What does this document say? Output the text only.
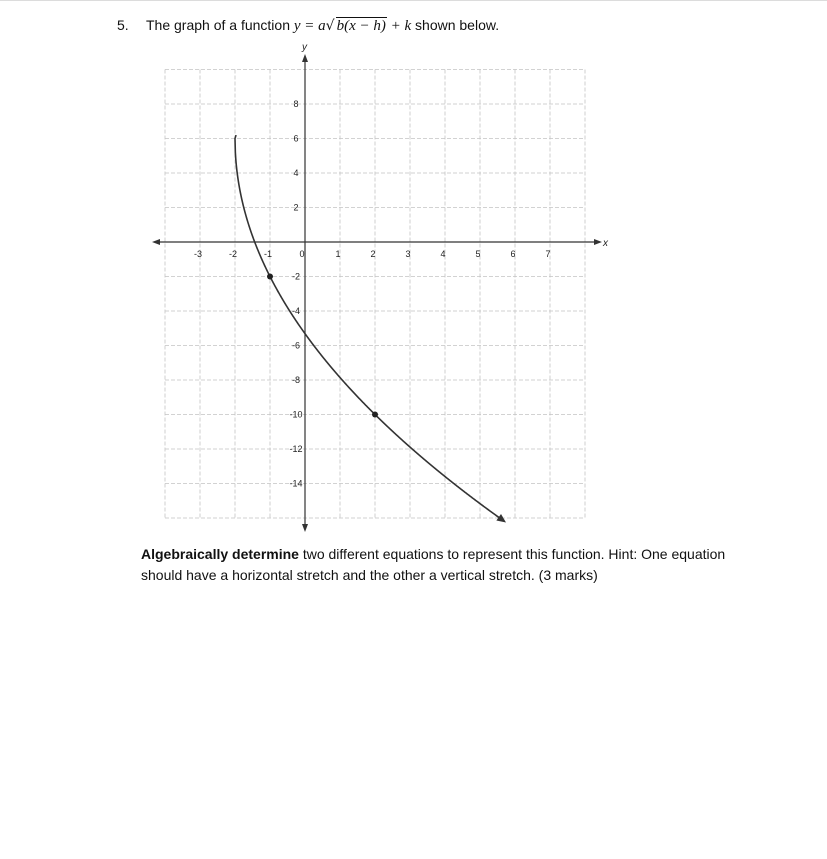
5. The graph of a function y = a√ b(x − h) + k shown below.
x
y
-3	-2	-1	0	1	2	3	4	5	6	7
8
6
4
2
-2
-4
-6
-8
-10
-12
-14
Algebraically determine two different equations to represent this function. Hint: One equation should have a horizontal stretch and the other a vertical stretch. (3 marks)
